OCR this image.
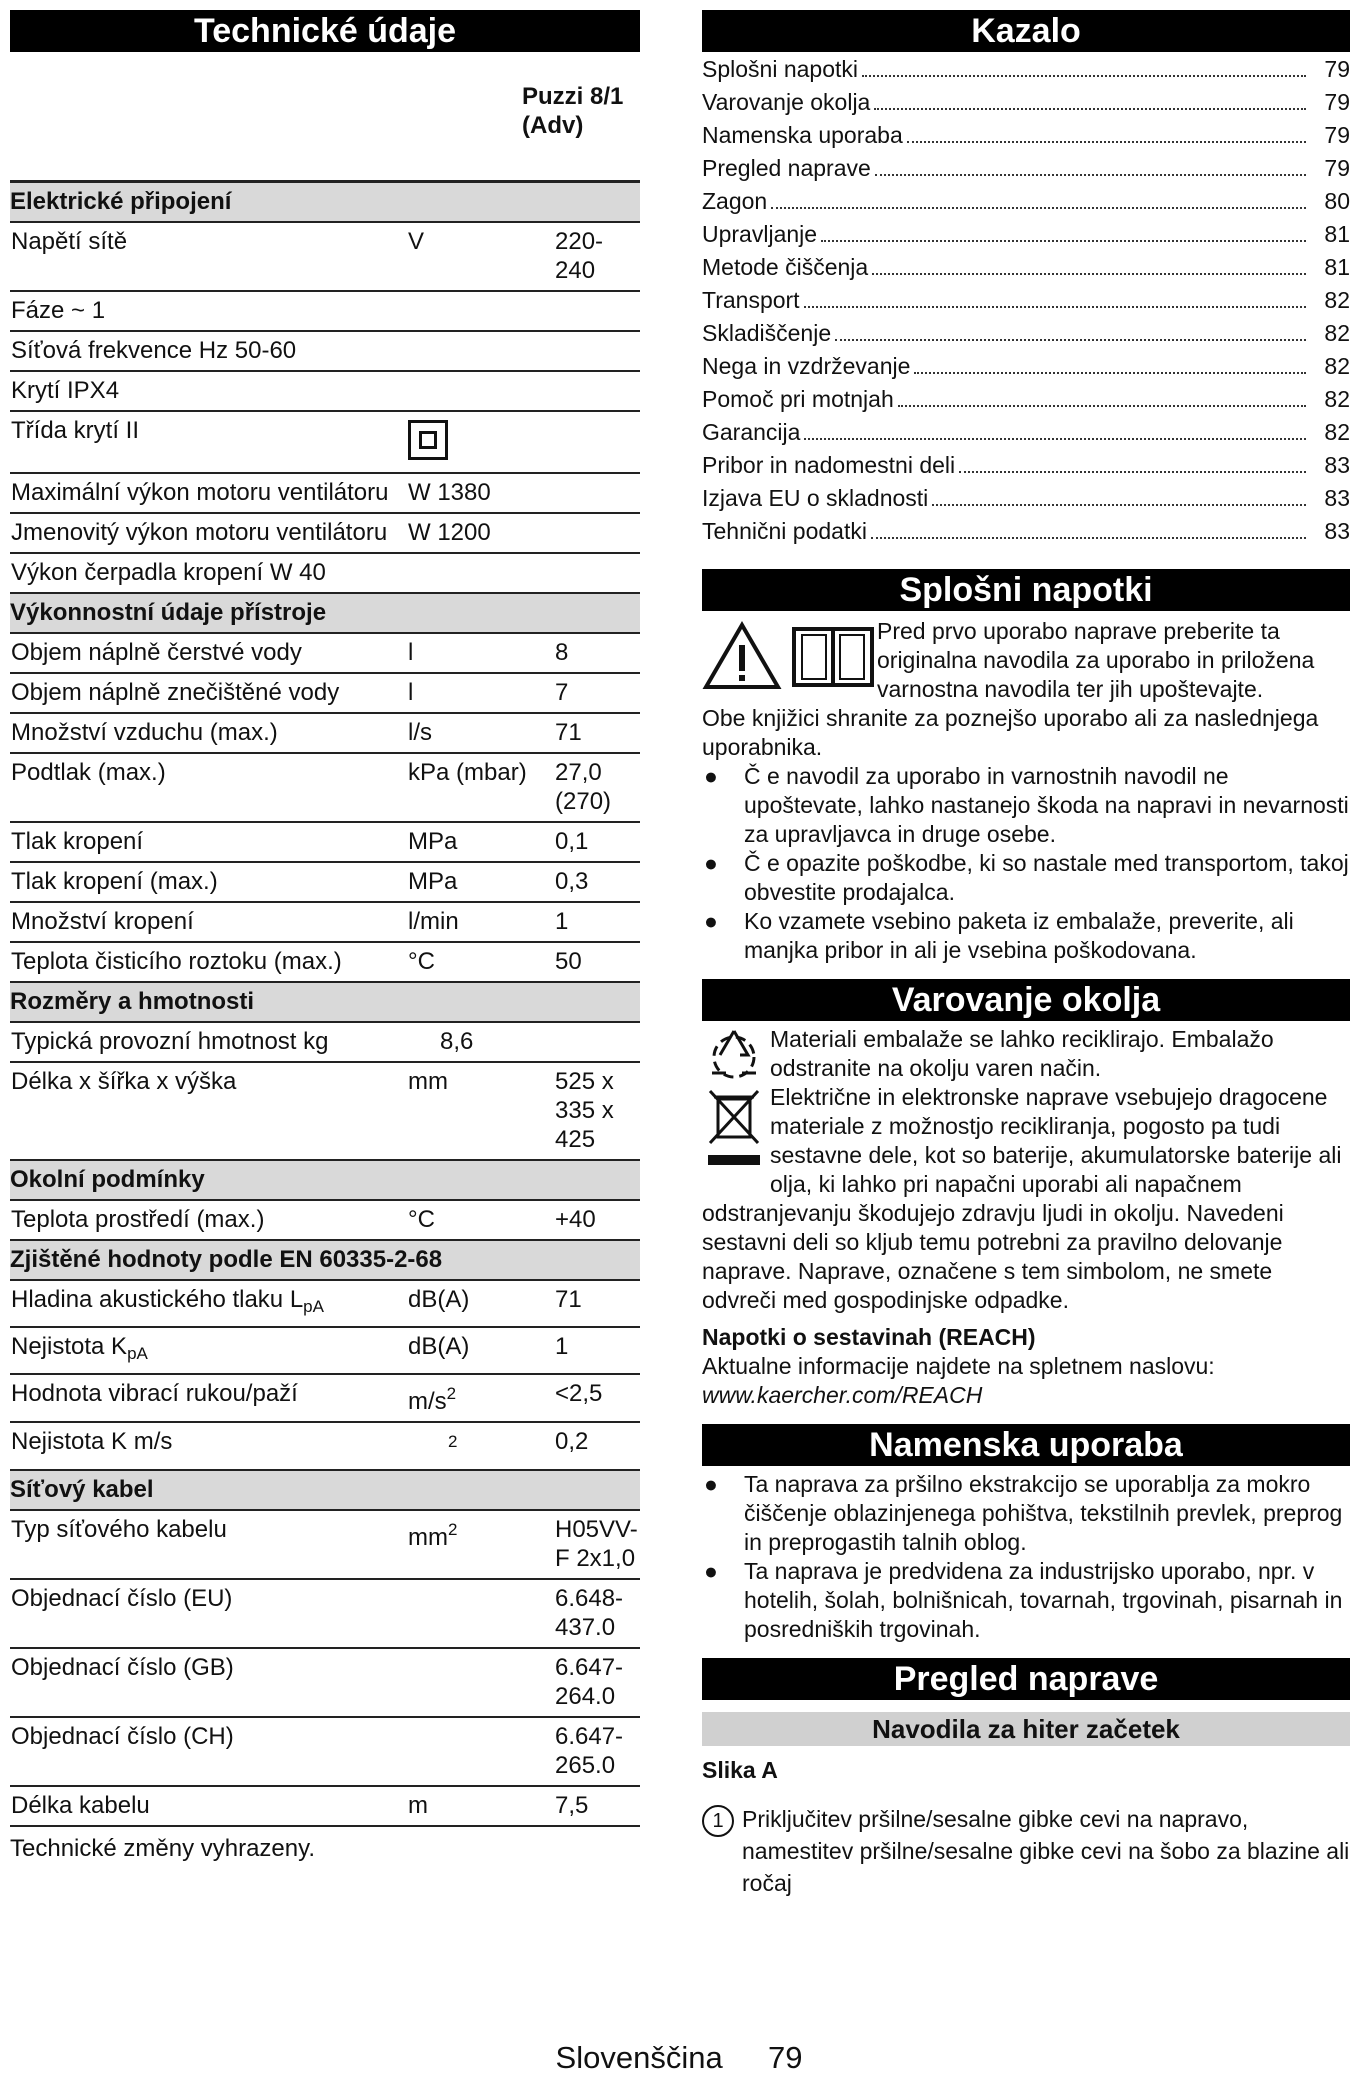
Technické údaje
Puzzi 8/1 (Adv)
Elektrické připojení		
Napětí sítě	V	220-240
Fáze ~ 1		
Síťová frekvence Hz 50-60		
Krytí IPX4		
Třída krytí II		
Maximální výkon motoru ventilátoru	W 1380	
Jmenovitý výkon motoru ventilátoru	W 1200	
Výkon čerpadla kropení W 40		
Výkonnostní údaje přístroje		
Objem náplně čerstvé vody	l	8
Objem náplně znečištěné vody	l	7
Množství vzduchu (max.)	l/s	71
Podtlak (max.)	kPa (mbar)	27,0 (270)
Tlak kropení	MPa	0,1
Tlak kropení (max.)	MPa	0,3
Množství kropení	l/min	1
Teplota čisticího roztoku (max.)	°C	50
Rozměry a hmotnosti		
Typická provozní hmotnost kg	8,6	
Délka x šířka x výška	mm	525 x 335 x 425
Okolní podmínky		
Teplota prostředí (max.)	°C	+40
Zjištěné hodnoty podle EN 60335-2-68		
Hladina akustického tlaku $L_{pA}$	dB(A)	71
Nejistota $K_{pA}$	dB(A)	1
Hodnota vibrací rukou/paží	$m/s^2$	<2,5
Nejistota K m/s	$^2$	0,2
Síťový kabel		
Typ síťového kabelu	$mm^2$	H05VV-F 2x1,0
Objednací číslo (EU)		6.648-437.0
Objednací číslo (GB)		6.647-264.0
Objednací číslo (CH)		6.647-265.0
Délka kabelu	m	7,5
Technické změny vyhrazeny.
Kazalo
Splošni napotki	79
Varovanje okolja	79
Namenska uporaba	79
Pregled naprave	79
Zagon	80
Upravljanje	81
Metode čiščenja	81
Transport	82
Skladiščenje	82
Nega in vzdrževanje	82
Pomoč pri motnjah	82
Garancija	82
Pribor in nadomestni deli	83
Izjava EU o skladnosti	83
Tehnični podatki	83
Splošni napotki

Pred prvo uporabo naprave preberite ta originalna navodila za uporabo in priloženа varnostna navodila ter jih upoštevajte.

Obe knjižici shranite za poznejšo uporabo ali za naslednjega uporabnika.

●	Č e navodil za uporabo in varnostnih navodil ne upoštevate, lahko nastanejo škoda na napravi in nevarnosti za upravljavca in druge osebe.
●	Č e opazite poškodbe, ki so nastale med transportom, takoj obvestite prodajalca.
●	Ko vzamete vsebino paketa iz embalaže, preverite, ali manjka pribor in ali je vsebina poškodovana.
Varovanje okolja

Materiali embalaže se lahko reciklirajo. Embalažo odstranite na okolju varen način.

Električne in elektronske naprave vsebujejo dragocene materiale z možnostjo recikliranja, pogosto pa tudi sestavne dele, kot so baterije, akumulatorske baterije ali olja, ki lahko pri napačni uporabi ali napačnem odstranjevanju škodujejo zdravju ljudi in okolju. Navedeni sestavni deli so kljub temu potrebni za pravilno delovanje naprave. Naprave, označene s tem simbolom, ne smete odvreči med gospodinjske odpadke.

Napotki o sestavinah (REACH)

Aktualne informacije najdete na spletnem naslovu:

www.kaercher.com/REACH

Namenska uporaba
●	Ta naprava za pršilno ekstrakcijo se uporablja za mokro čiščenje oblazinjenega pohištva, tekstilnih prevlek, preprog in preprogastih talnih oblog.
●	Ta naprava je predvidena za industrijsko uporabo, npr. v hotelih, šolah, bolnišnicah, tovarnah, trgovinah, pisarnah in posredniških trgovinah.
Pregled naprave
Navodila za hiter začetek

Slika A

1 Priključitev pršilne/sesalne gibke cevi na napravo, namestitev pršilne/sesalne gibke cevi na šobo za blazine ali ročaj
Slovenščina 79
